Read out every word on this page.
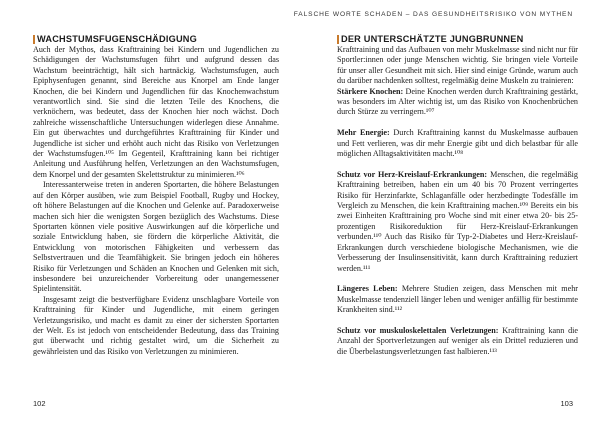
WACHSTUMSFUGENSCHÄDIGUNG

Auch der Mythos, dass Krafttraining bei Kindern und Jugendlichen zu Schädigungen der Wachstumsfugen führt und aufgrund dessen das Wachstum beeinträchtigt, hält sich hartnäckig. Wachstumsfugen, auch Epiphysenfugen genannt, sind Bereiche aus Knorpel am Ende langer Knochen, die bei Kindern und Jugendlichen für das Knochenwachstum verantwortlich sind. Sie sind die letzten Teile des Knochens, die verknöchern, was bedeutet, dass der Knochen hier noch wächst. Doch zahlreiche wissenschaftliche Untersuchungen widerlegen diese Annahme. Ein gut überwachtes und durchgeführtes Krafttraining für Kinder und Jugendliche ist sicher und erhöht auch nicht das Risiko von Verletzungen der Wachstumsfugen.¹⁰⁵ Im Gegenteil, Krafttraining kann bei richtiger Anleitung und Ausführung helfen, Verletzungen an den Wachstumsfugen, dem Knorpel und der gesamten Skelettstruktur zu minimieren.¹⁰⁶

Interessanterweise treten in anderen Sportarten, die höhere Belastungen auf den Körper ausüben, wie zum Beispiel Football, Rugby und Hockey, oft höhere Belastungen auf die Knochen und Gelenke auf. Paradoxerweise machen sich hier die wenigsten Sorgen bezüglich des Wachstums. Diese Sportarten können viele positive Auswirkungen auf die körperliche und soziale Entwicklung haben, sie fördern die körperliche Aktivität, die Entwicklung von motorischen Fähigkeiten und verbessern das Selbstvertrauen und die Teamfähigkeit. Sie bringen jedoch ein höheres Risiko für Verletzungen und Schäden an Knochen und Gelenken mit sich, insbesondere bei unzureichender Vorbereitung oder unangemessener Spielintensität.

Insgesamt zeigt die bestverfügbare Evidenz unschlagbare Vorteile von Krafttraining für Kinder und Jugendliche, mit einem geringen Verletzungsrisiko, und macht es damit zu einer der sichersten Sportarten der Welt. Es ist jedoch von entscheidender Bedeutung, dass das Training gut überwacht und richtig gestaltet wird, um die Sicherheit zu gewährleisten und das Risiko von Verletzungen zu minimieren.

102
FALSCHE WORTE SCHADEN – DAS GESUNDHEITSRISIKO VON MYTHEN
DER UNTERSCHÄTZTE JUNGBRUNNEN

Krafttraining und das Aufbauen von mehr Muskelmasse sind nicht nur für Sportler:innen oder junge Menschen wichtig. Sie bringen viele Vorteile für unser aller Gesundheit mit sich. Hier sind einige Gründe, warum auch du darüber nachdenken solltest, regelmäßig deine Muskeln zu trainieren:

Stärkere Knochen: Deine Knochen werden durch Krafttraining gestärkt, was besonders im Alter wichtig ist, um das Risiko von Knochenbrüchen durch Stürze zu verringern.¹⁰⁷

Mehr Energie: Durch Krafttraining kannst du Muskelmasse aufbauen und Fett verlieren, was dir mehr Energie gibt und dich belastbar für alle möglichen Alltagsaktivitäten macht.¹⁰⁸

Schutz vor Herz-Kreislauf-Erkrankungen: Menschen, die regelmäßig Krafttraining betreiben, haben ein um 40 bis 70 Prozent verringertes Risiko für Herzinfarkte, Schlaganfälle oder herzbedingte Todesfälle im Vergleich zu Menschen, die kein Krafttraining machen.¹⁰⁹ Bereits ein bis zwei Einheiten Krafttraining pro Woche sind mit einer etwa 20- bis 25-prozentigen Risikoreduktion für Herz-Kreislauf-Erkrankungen verbunden.¹¹⁰ Auch das Risiko für Typ-2-Diabetes und Herz-Kreislauf-Erkrankungen durch verschiedene biologische Mechanismen, wie die Verbesserung der Insulinsensitivität, kann durch Krafttraining reduziert werden.¹¹¹

Längeres Leben: Mehrere Studien zeigen, dass Menschen mit mehr Muskelmasse tendenziell länger leben und weniger anfällig für bestimmte Krankheiten sind.¹¹²

Schutz vor muskuloskelettalen Verletzungen: Krafttraining kann die Anzahl der Sportverletzungen auf weniger als ein Drittel reduzieren und die Überbelastungsverletzungen fast halbieren.¹¹³

103
